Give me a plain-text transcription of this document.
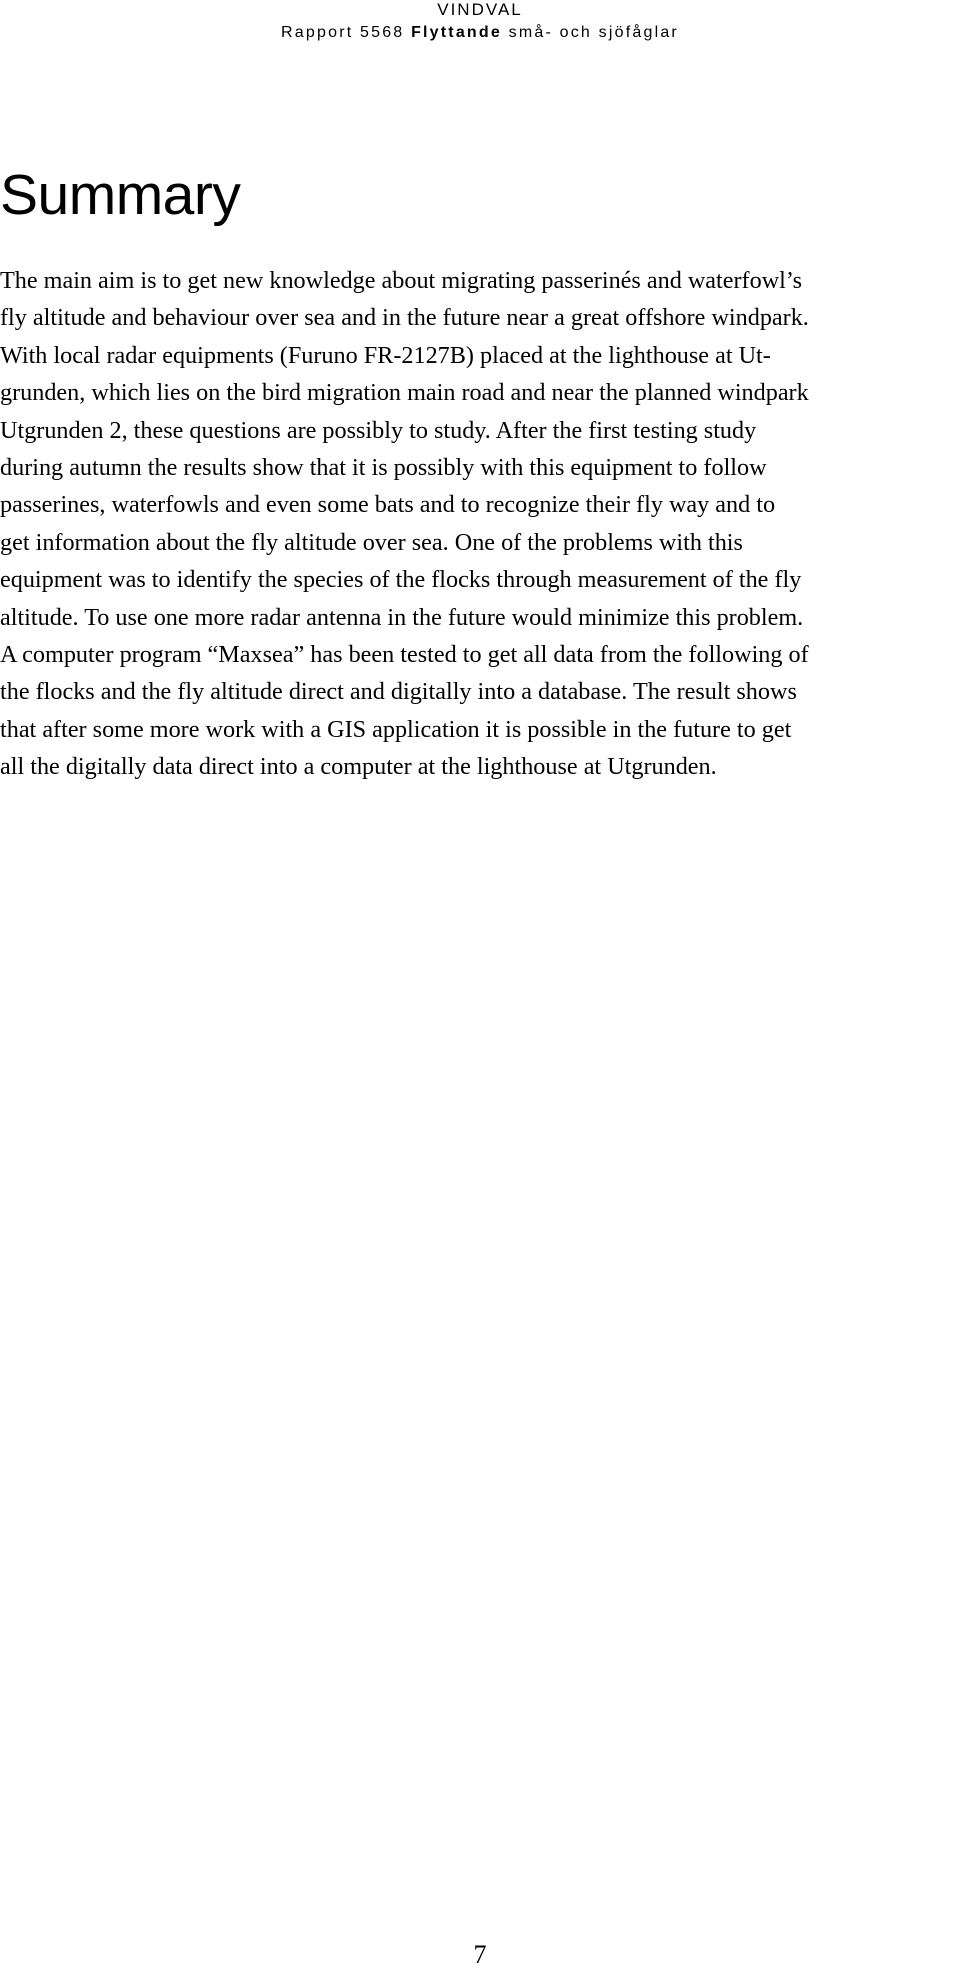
VINDVAL
Rapport 5568 Flyttande små- och sjöfåglar
Summary
The main aim is to get new knowledge about migrating passerinés and waterfowl’s
fly altitude and behaviour over sea and in the future near a great offshore windpark.
With local radar equipments (Furuno FR-2127B) placed at the lighthouse at Ut-
grunden, which lies on the bird migration main road and near the planned windpark
Utgrunden 2, these questions are possibly to study. After the first testing study
during autumn the results show that it is possibly with this equipment to follow
passerines, waterfowls and even some bats and to recognize their fly way and to
get information about the fly altitude over sea. One of the problems with this
equipment was to identify the species of the flocks through measurement of the fly
altitude. To use one more radar antenna in the future would minimize this problem.
A computer program “Maxsea” has been tested to get all data from the following of
the flocks and the fly altitude direct and digitally into a database. The result shows
that after some more work with a GIS application it is possible in the future to get
all the digitally data direct into a computer at the lighthouse at Utgrunden.
7
